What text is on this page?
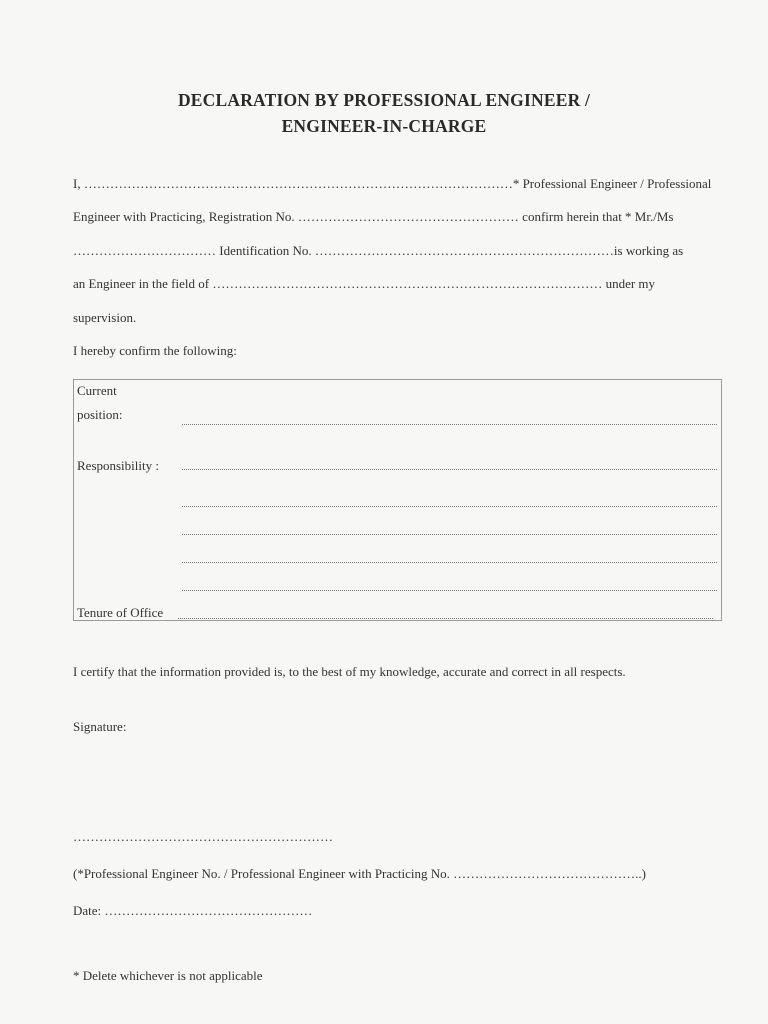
DECLARATION BY PROFESSIONAL ENGINEER /
ENGINEER-IN-CHARGE
I, ………………………………………………………………………………………* Professional Engineer / Professional
Engineer with Practicing, Registration No. …………………………………………… confirm herein that * Mr./Ms
…………………………… Identification No. ……………………………………………………………is working as
an Engineer in the field of ……………………………………………………………………………… under my
supervision.
I hereby confirm the following:
Current
position:
Responsibility :
Tenure of Office
I certify that the information provided is, to the best of my knowledge, accurate and correct in all respects.
Signature:
……………………………………………………
(*Professional Engineer No. / Professional Engineer with Practicing No. ……………………………………..)
Date: …………………………………………
* Delete whichever is not applicable
